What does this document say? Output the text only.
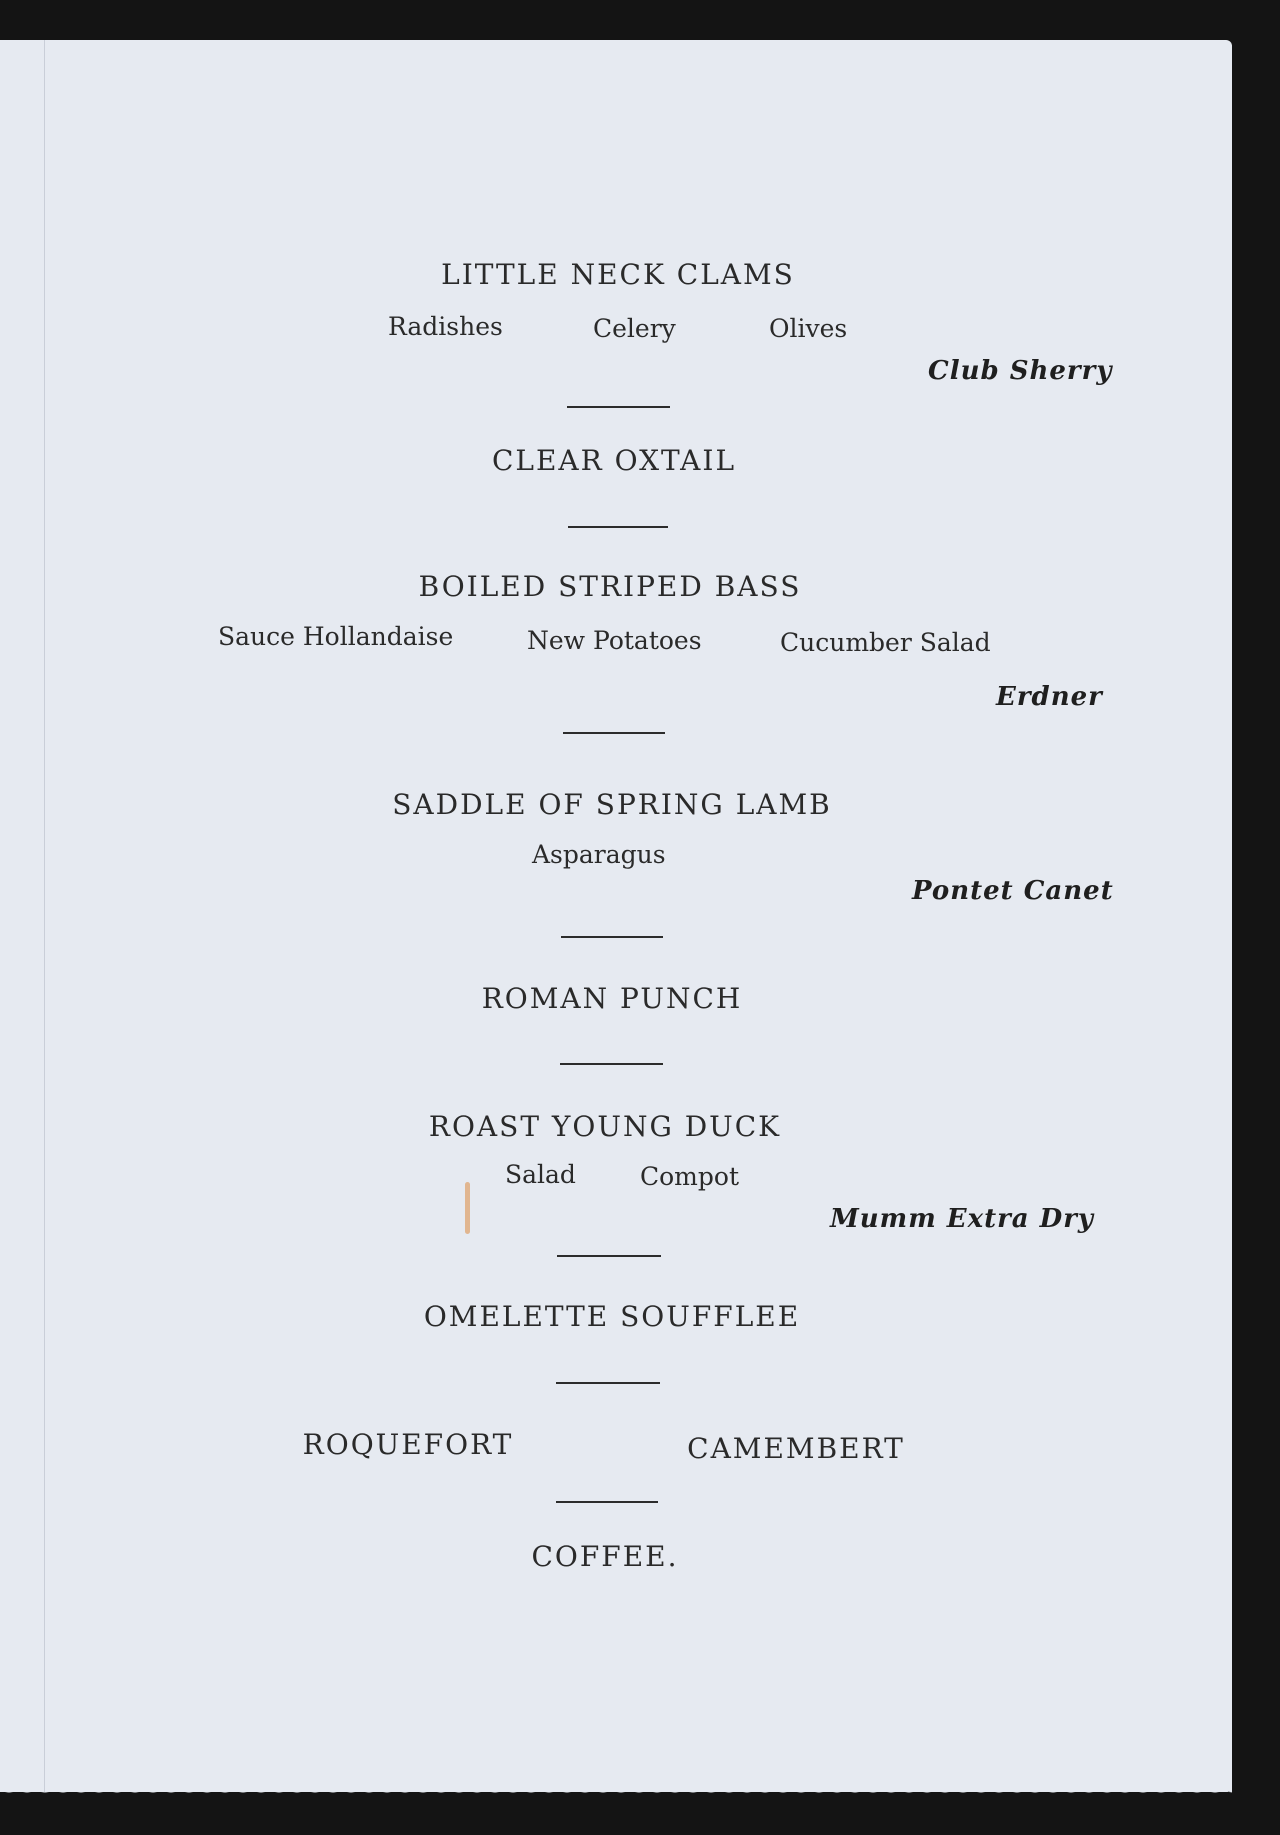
LITTLE NECK CLAMS
Radishes	Celery	Olives
Club Sherry
CLEAR OXTAIL
BOILED STRIPED BASS
Sauce Hollandaise	New Potatoes	Cucumber Salad
Erdner
SADDLE OF SPRING LAMB
Asparagus
Pontet Canet
ROMAN PUNCH
ROAST YOUNG DUCK
Salad	Compot
Mumm Extra Dry
OMELETTE SOUFFLEE
ROQUEFORT	CAMEMBERT
COFFEE.
